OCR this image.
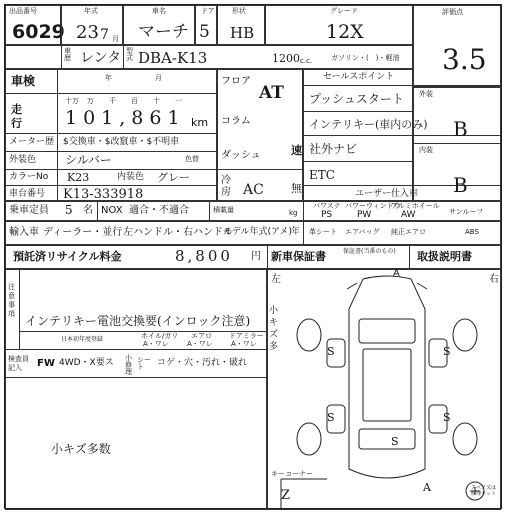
出品番号
6029
年式
23 7 月
車名
マーチ
ドア
5
形状
HB
グレード
12X
評価点
3.5
車歴 レンタ 型式 DBA-K13	1200 c.c.	ガソリン・(　)・軽油
車検	年	月
走行
十万 万 千 百 十 一
101,861 km
メーター歴 $交換車・$改竄車・$不明車
外装色 シルバー	色替
カラーNo K23	内装色 グレー
車台番号 K13-333918
フロア
AT
コラム
ダッシュ	速
冷房 AC 無
セールスポイント
プッシュスタート
インテリキー(車内のみ)
社外ナビ
ETC
ユーザー仕入車
外装
B
内装
B
乗車定員 5 名 NOX 適合・不適合	積載量	kg
パワステ
PS
パワーウィンドウ
PW
アルミホイール
AW	サンルーフ
輸入車 ディーラー・並行 左ハンドル・右ハンドル
モデル年式(アメ)
年 革シート エアバッグ 純正エアロ	ABS
預託済リサイクル料金	8,800 円 新車保証書	保証書(当番のもの) 取扱説明書
注意事項 インテリキー電池交換要(インロック注意)
日本初年度登録	ホイル/ガリ
A・ワレ
エアロ
A・ワレ
ドアミラー
A・ワレ
検査員記入	FW 4WD・X要ス 小修理
シート	コゲ・穴・汚れ・破れ
小キズ多数
左	右
A
S	S
S	S
S
A
小キズ多
キーコーナー
Z	スペア又は修理キット
